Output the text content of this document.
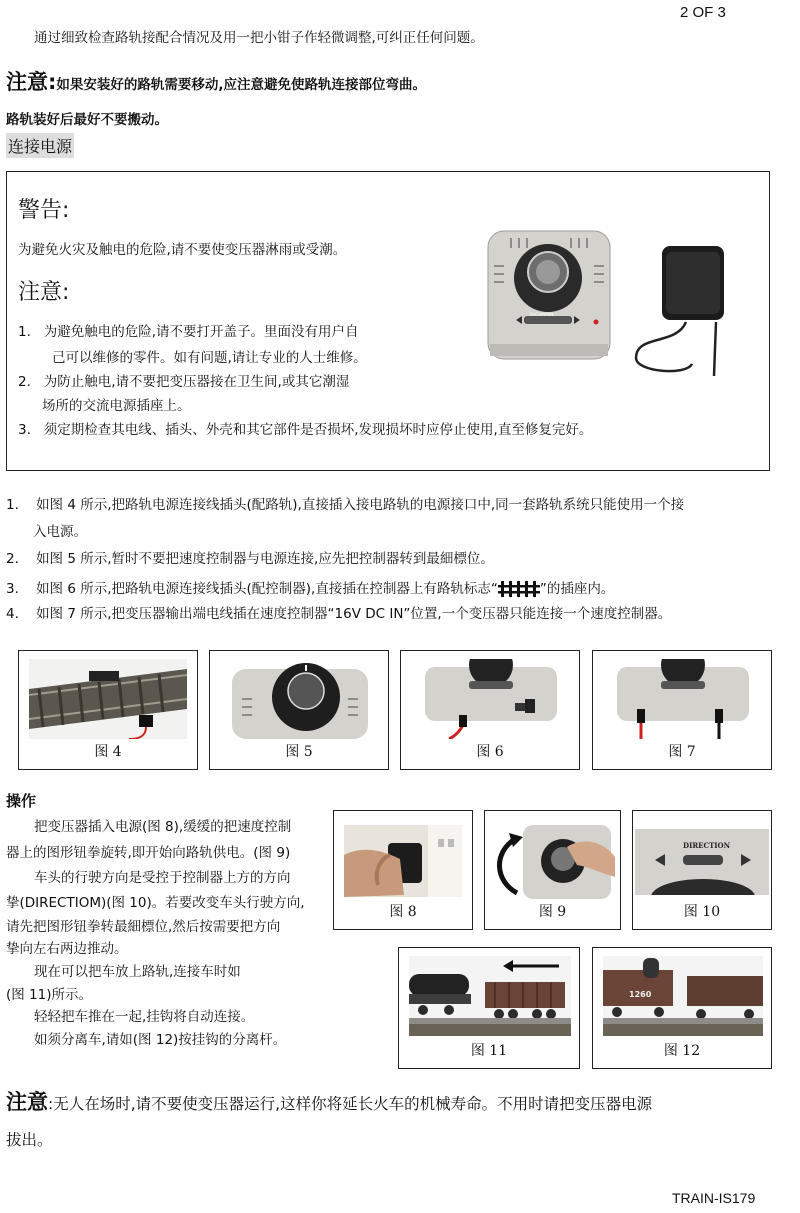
2 OF 3
通过细致检查路轨接配合情况及用一把小钳子作轻微调整,可纠正任何问题。
注意:如果安装好的路轨需要移动,应注意避免使路轨连接部位弯曲。
路轨装好后最好不要搬动。
连接电源
警告:
为避免火灾及触电的危险,请不要使变压器淋雨或受潮。
注意:
1. 为避免触电的危险,请不要打开盖子。里面没有用户自
己可以维修的零件。如有问题,请让专业的人士维修。
2. 为防止触电,请不要把变压器接在卫生间,或其它潮湿
场所的交流电源插座上。
3. 须定期检查其电线、插头、外壳和其它部件是否损坏,发现损坏时应停止使用,直至修复完好。
BACHMANN
1. 如图 4 所示,把路轨电源连接线插头(配路轨),直接插入接电路轨的电源接口中,同一套路轨系统只能使用一个接
入电源。
2. 如图 5 所示,暂时不要把速度控制器与电源连接,应先把控制器转到最細標位。
3. 如图 6 所示,把路轨电源连接线插头(配控制器),直接插在控制器上有路轨标志“	”的插座内。
4. 如图 7 所示,把变压器输出端电线插在速度控制器“16V DC IN”位置,一个变压器只能连接一个速度控制器。
图 4	图 5	图 6	图 7
操作
把变压器插入电源(图 8),缓缓的把速度控制
器上的图形钮拳旋转,即开始向路轨供电。(图 9)
车头的行驶方向是受控于控制器上方的方向
挚(DIRECTIOM)(图 10)。若要改变车头行驶方向,
请先把图形钮拳转最細標位,然后按需要把方向
挚向左右两边推动。
现在可以把车放上路轨,连接车时如
(图 11)所示。
轻轻把车推在一起,挂钩将自动连接。
如须分离车,请如(图 12)按挂钩的分离杆。
图 8	图 9
DIRECTION
图 10
图 11
1260
图 12
注意:无人在场时,请不要使变压器运行,这样你将延长火车的机械寿命。不用时请把变压器电源
拔出。
TRAIN-IS179
